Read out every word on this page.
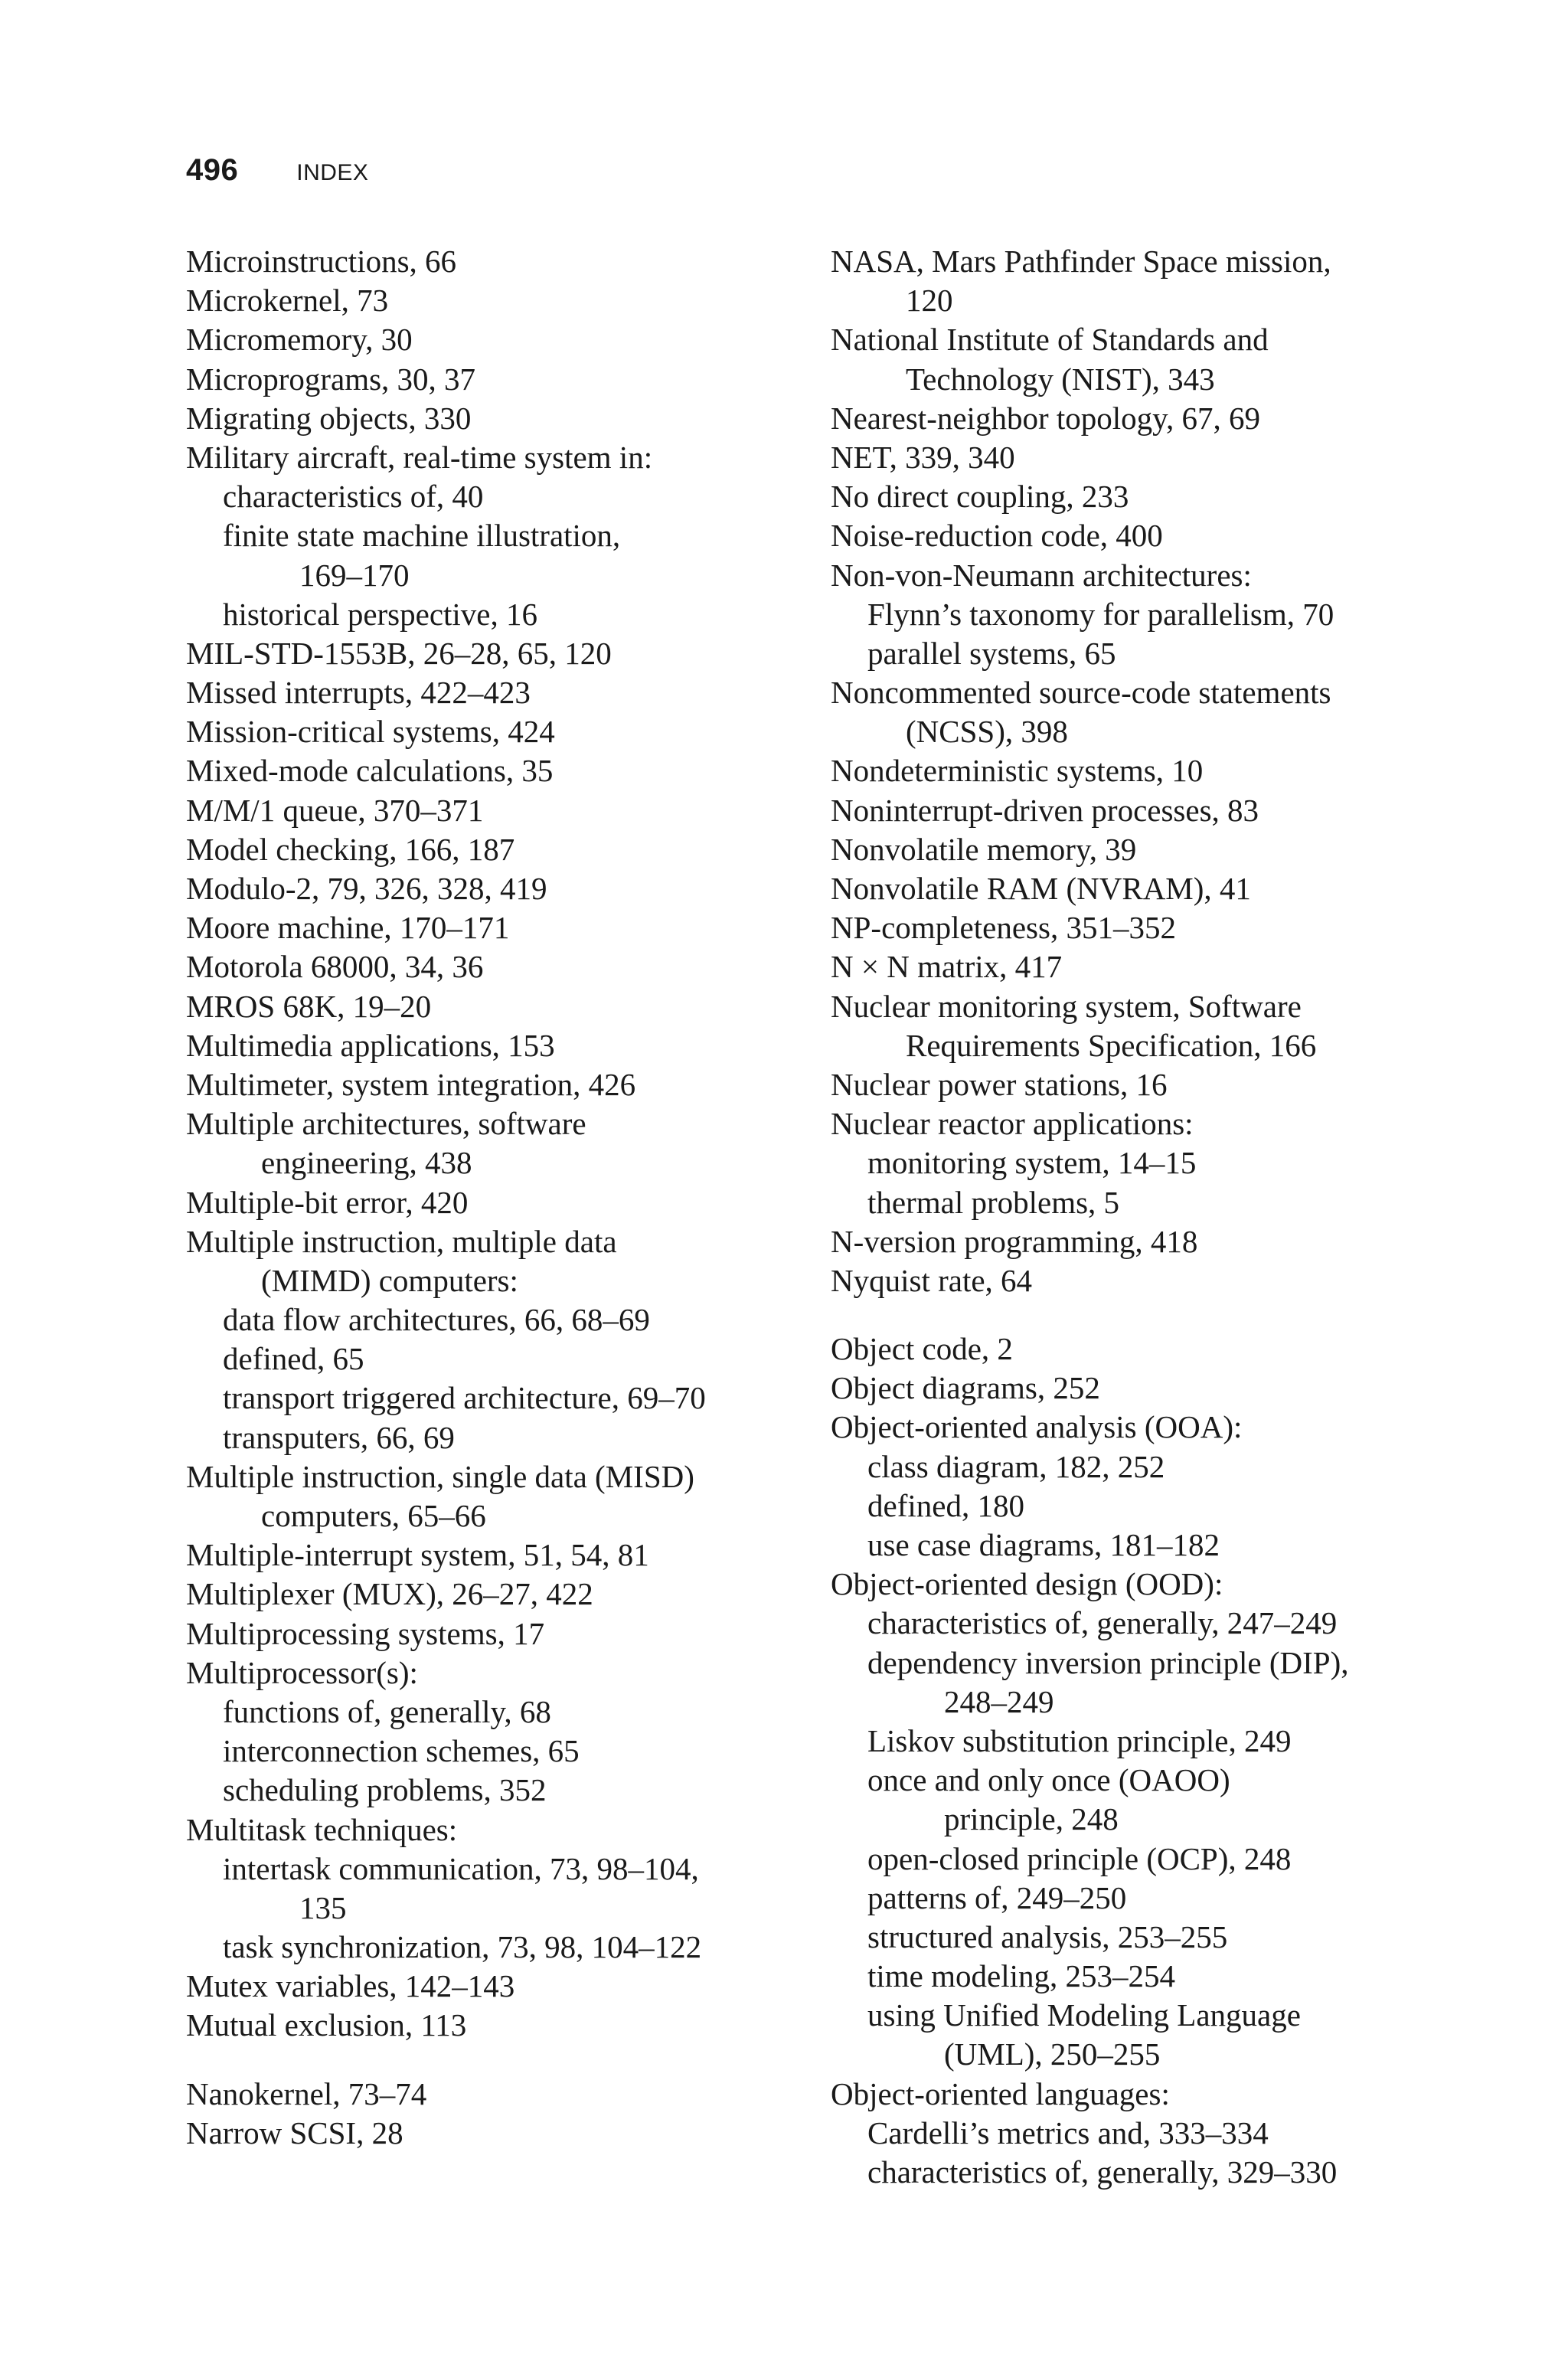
496	INDEX
Microinstructions, 66
Microkernel, 73
Micromemory, 30
Microprograms, 30, 37
Migrating objects, 330
Military aircraft, real-time system in:
characteristics of, 40
finite state machine illustration,
169–170
historical perspective, 16
MIL-STD-1553B, 26–28, 65, 120
Missed interrupts, 422–423
Mission-critical systems, 424
Mixed-mode calculations, 35
M/M/1 queue, 370–371
Model checking, 166, 187
Modulo-2, 79, 326, 328, 419
Moore machine, 170–171
Motorola 68000, 34, 36
MROS 68K, 19–20
Multimedia applications, 153
Multimeter, system integration, 426
Multiple architectures, software
engineering, 438
Multiple-bit error, 420
Multiple instruction, multiple data
(MIMD) computers:
data flow architectures, 66, 68–69
defined, 65
transport triggered architecture, 69–70
transputers, 66, 69
Multiple instruction, single data (MISD)
computers, 65–66
Multiple-interrupt system, 51, 54, 81
Multiplexer (MUX), 26–27, 422
Multiprocessing systems, 17
Multiprocessor(s):
functions of, generally, 68
interconnection schemes, 65
scheduling problems, 352
Multitask techniques:
intertask communication, 73, 98–104,
135
task synchronization, 73, 98, 104–122
Mutex variables, 142–143
Mutual exclusion, 113
Nanokernel, 73–74
Narrow SCSI, 28
NASA, Mars Pathfinder Space mission,
120
National Institute of Standards and
Technology (NIST), 343
Nearest-neighbor topology, 67, 69
NET, 339, 340
No direct coupling, 233
Noise-reduction code, 400
Non-von-Neumann architectures:
Flynn’s taxonomy for parallelism, 70
parallel systems, 65
Noncommented source-code statements
(NCSS), 398
Nondeterministic systems, 10
Noninterrupt-driven processes, 83
Nonvolatile memory, 39
Nonvolatile RAM (NVRAM), 41
NP-completeness, 351–352
N × N matrix, 417
Nuclear monitoring system, Software
Requirements Specification, 166
Nuclear power stations, 16
Nuclear reactor applications:
monitoring system, 14–15
thermal problems, 5
N-version programming, 418
Nyquist rate, 64
Object code, 2
Object diagrams, 252
Object-oriented analysis (OOA):
class diagram, 182, 252
defined, 180
use case diagrams, 181–182
Object-oriented design (OOD):
characteristics of, generally, 247–249
dependency inversion principle (DIP),
248–249
Liskov substitution principle, 249
once and only once (OAOO)
principle, 248
open-closed principle (OCP), 248
patterns of, 249–250
structured analysis, 253–255
time modeling, 253–254
using Unified Modeling Language
(UML), 250–255
Object-oriented languages:
Cardelli’s metrics and, 333–334
characteristics of, generally, 329–330
